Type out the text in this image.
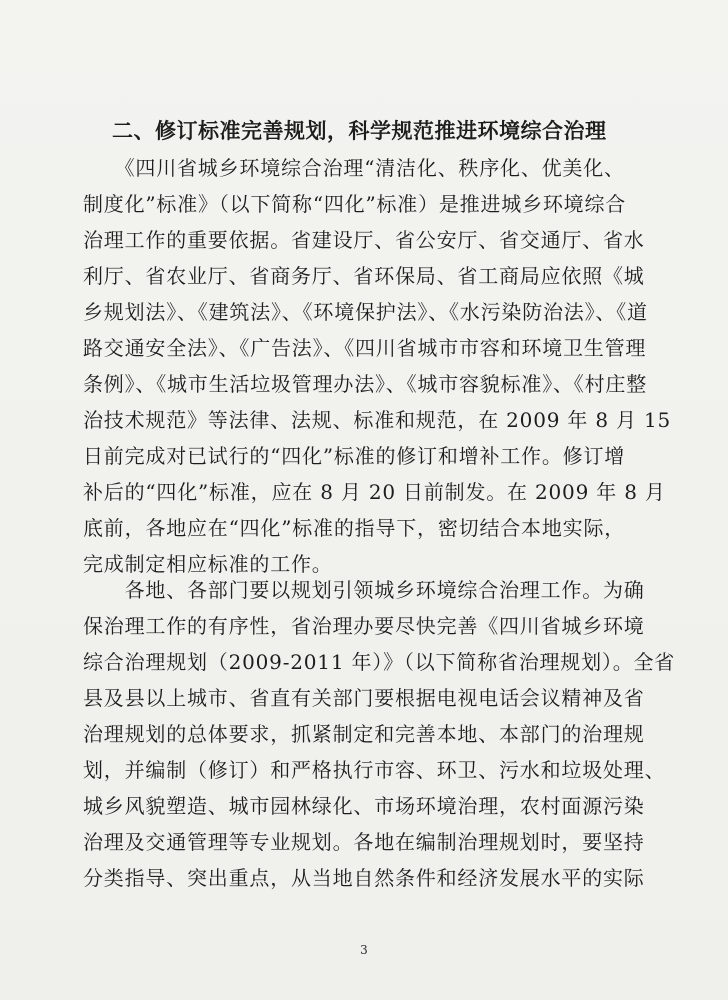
二、修订标准完善规划，科学规范推进环境综合治理
　　《四川省城乡环境综合治理“清洁化、秩序化、优美化、
制度化”标准》（以下简称“四化”标准）是推进城乡环境综合
治理工作的重要依据。省建设厅、省公安厅、省交通厅、省水
利厅、省农业厅、省商务厅、省环保局、省工商局应依照《城
乡规划法》、《建筑法》、《环境保护法》、《水污染防治法》、《道
路交通安全法》、《广告法》、《四川省城市市容和环境卫生管理
条例》、《城市生活垃圾管理办法》、《城市容貌标准》、《村庄整
治技术规范》等法律、法规、标准和规范，在 2009 年 8 月 15
日前完成对已试行的“四化”标准的修订和增补工作。修订增
补后的“四化”标准，应在 8 月 20 日前制发。在 2009 年 8 月
底前，各地应在“四化”标准的指导下，密切结合本地实际，
完成制定相应标准的工作。
　　各地、各部门要以规划引领城乡环境综合治理工作。为确
保治理工作的有序性，省治理办要尽快完善《四川省城乡环境
综合治理规划（2009-2011 年）》（以下简称省治理规划）。全省
县及县以上城市、省直有关部门要根据电视电话会议精神及省
治理规划的总体要求，抓紧制定和完善本地、本部门的治理规
划，并编制（修订）和严格执行市容、环卫、污水和垃圾处理、
城乡风貌塑造、城市园林绿化、市场环境治理，农村面源污染
治理及交通管理等专业规划。各地在编制治理规划时，要坚持
分类指导、突出重点，从当地自然条件和经济发展水平的实际
3
